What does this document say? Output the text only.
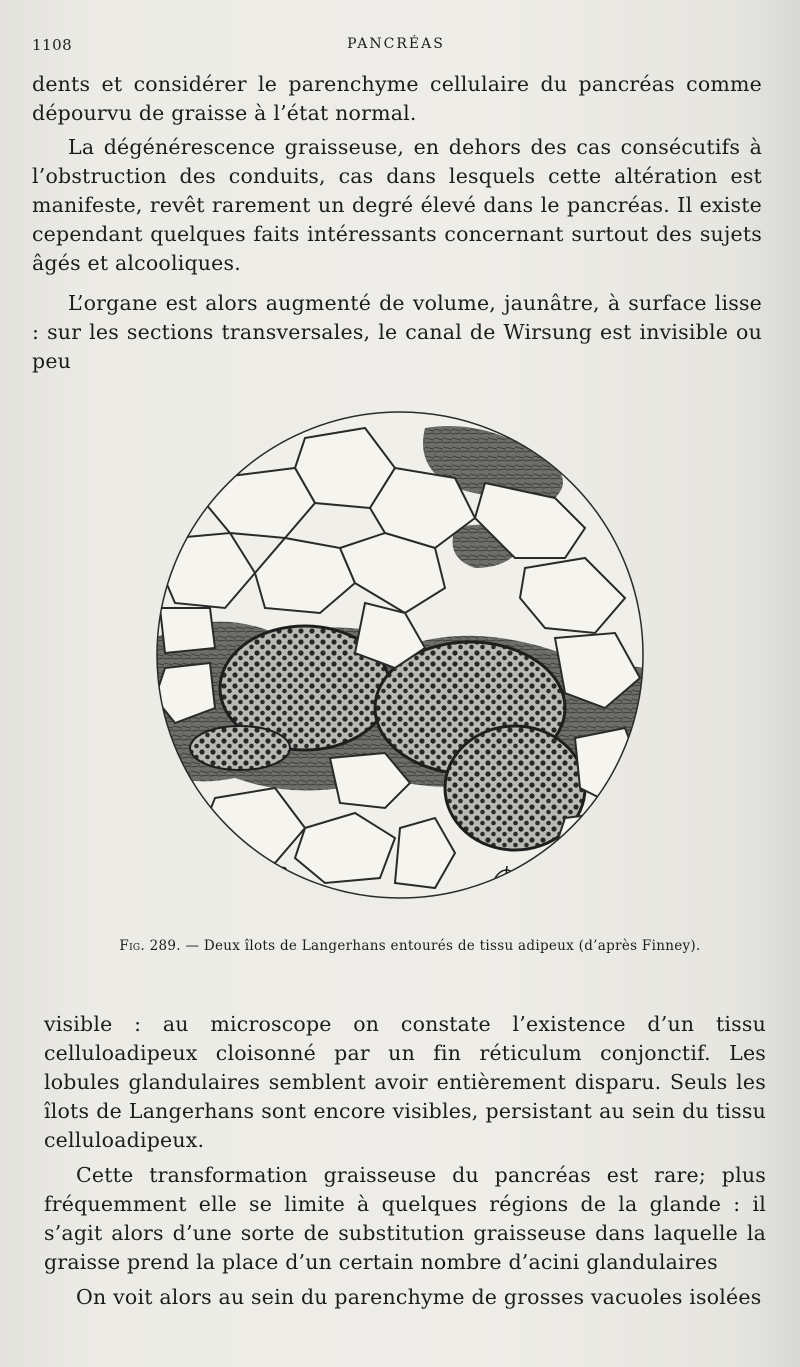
1108	PANCRÉAS

dents et considérer le parenchyme cellulaire du pancréas comme dépourvu de graisse à l’état normal.

La dégénérescence graisseuse, en dehors des cas consécutifs à l’obstruction des conduits, cas dans lesquels cette altération est manifeste, revêt rarement un degré élevé dans le pancréas. Il existe cependant quelques faits intéressants concernant surtout des sujets âgés et alcooliques.

L’organe est alors augmenté de volume, jaunâtre, à surface lisse : sur les sections transversales, le canal de Wirsung est invisible ou peu

Fig. 289. — Deux îlots de Langerhans entourés de tissu adipeux (d’après Finney).

visible : au microscope on constate l’existence d’un tissu celluloadipeux cloisonné par un fin réticulum conjonctif. Les lobules glandulaires semblent avoir entièrement disparu. Seuls les îlots de Langerhans sont encore visibles, persistant au sein du tissu celluloadipeux.

Cette transformation graisseuse du pancréas est rare; plus fréquemment elle se limite à quelques régions de la glande : il s’agit alors d’une sorte de substitution graisseuse dans laquelle la graisse prend la place d’un certain nombre d’acini glandulaires

On voit alors au sein du parenchyme de grosses vacuoles isolées
